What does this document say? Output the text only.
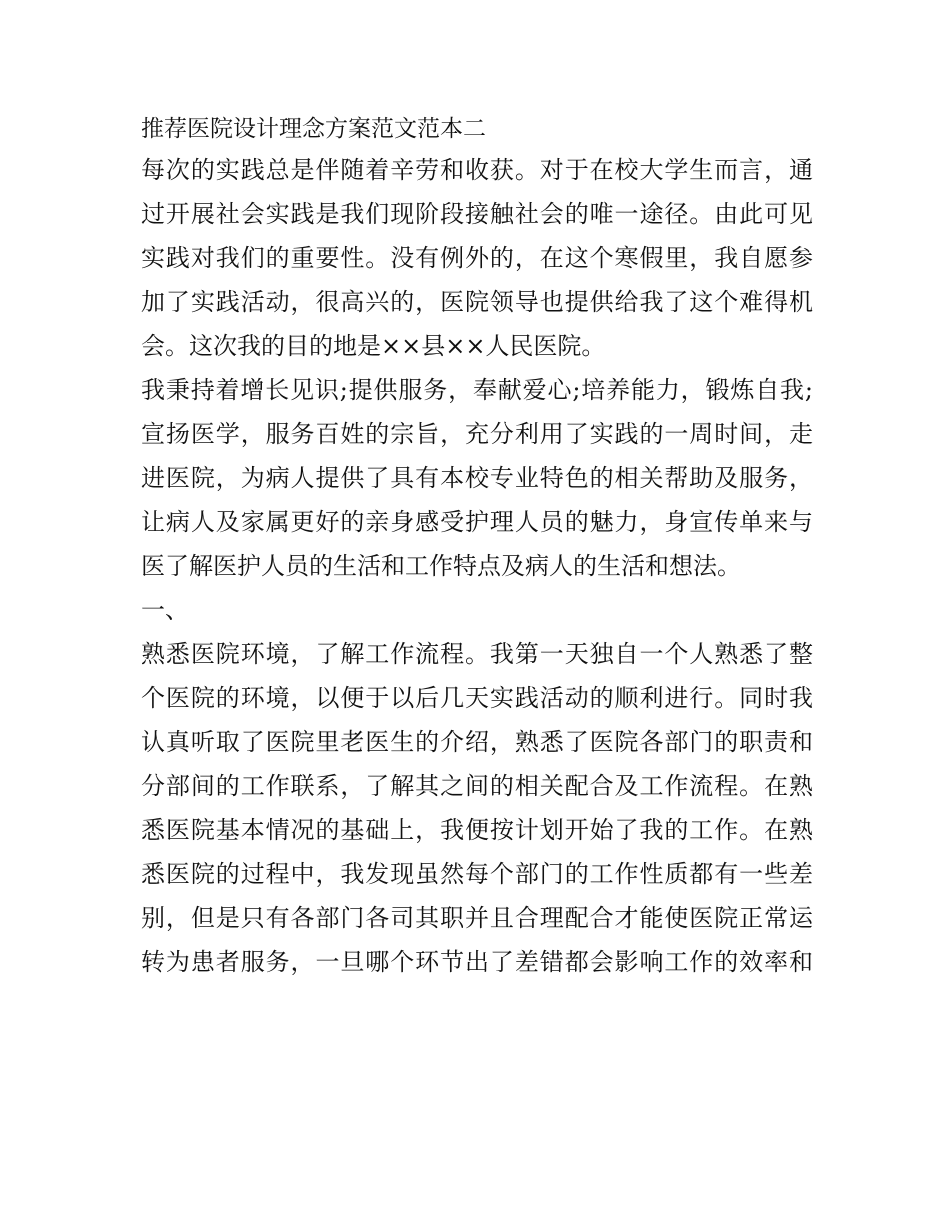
推荐医院设计理念方案范文范本二
每次的实践总是伴随着辛劳和收获。对于在校大学生而言，通
过开展社会实践是我们现阶段接触社会的唯一途径。由此可见
实践对我们的重要性。没有例外的，在这个寒假里，我自愿参
加了实践活动，很高兴的，医院领导也提供给我了这个难得机
会。这次我的目的地是××县××人民医院。
我秉持着增长见识;提供服务，奉献爱心;培养能力，锻炼自我;
宣扬医学，服务百姓的宗旨，充分利用了实践的一周时间，走
进医院，为病人提供了具有本校专业特色的相关帮助及服务，
让病人及家属更好的亲身感受护理人员的魅力，身宣传单来与
医了解医护人员的生活和工作特点及病人的生活和想法。
一、
熟悉医院环境，了解工作流程。我第一天独自一个人熟悉了整
个医院的环境，以便于以后几天实践活动的顺利进行。同时我
认真听取了医院里老医生的介绍，熟悉了医院各部门的职责和
分部间的工作联系，了解其之间的相关配合及工作流程。在熟
悉医院基本情况的基础上，我便按计划开始了我的工作。在熟
悉医院的过程中，我发现虽然每个部门的工作性质都有一些差
别，但是只有各部门各司其职并且合理配合才能使医院正常运
转为患者服务，一旦哪个环节出了差错都会影响工作的效率和
